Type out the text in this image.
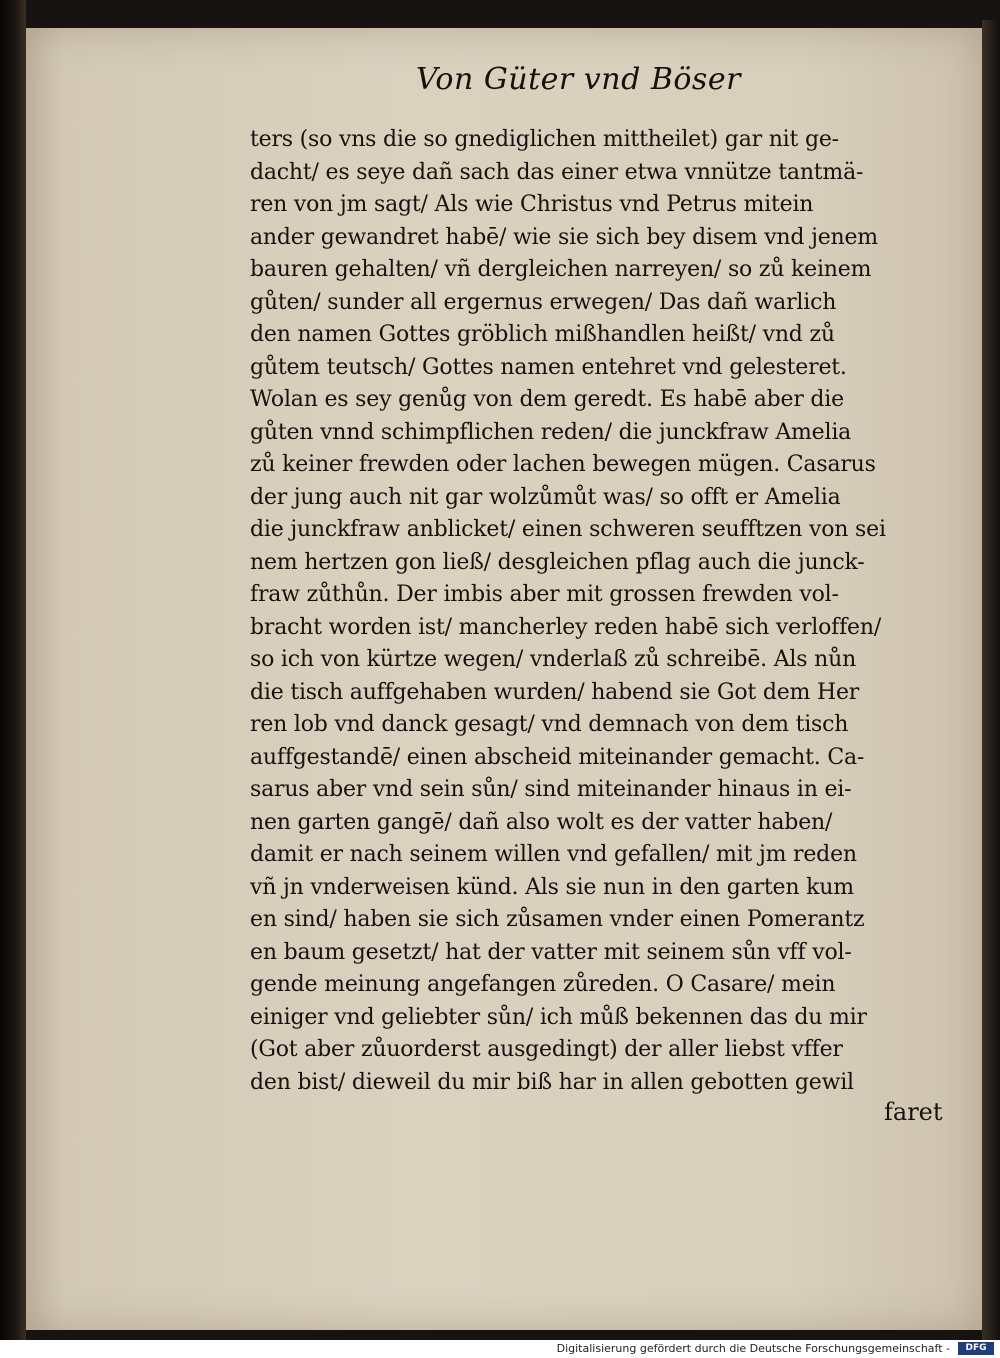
Von Güter vnd Böser
ters (so vns die so gnediglichen mittheilet) gar nit ge-
dacht/ es seye dañ sach das einer etwa vnnütze tantmä-
ren von jm sagt/ Als wie Christus vnd Petrus mitein
ander gewandret habē/ wie sie sich bey disem vnd jenem
bauren gehalten/ vñ dergleichen narreyen/ so zů keinem
gůten/ sunder all ergernus erwegen/ Das dañ warlich
den namen Gottes gröblich mißhandlen heißt/ vnd zů
gůtem teutsch/ Gottes namen entehret vnd gelesteret.
Wolan es sey genůg von dem geredt. Es habē aber die
gůten vnnd schimpflichen reden/ die junckfraw Amelia
zů keiner frewden oder lachen bewegen mügen. Casarus
der jung auch nit gar wolzůmůt was/ so offt er Amelia
die junckfraw anblicket/ einen schweren seufftzen von sei
nem hertzen gon ließ/ desgleichen pflag auch die junck-
fraw zůthůn. Der imbis aber mit grossen frewden vol-
bracht worden ist/ mancherley reden habē sich verloffen/
so ich von kürtze wegen/ vnderlaß zů schreibē. Als nůn
die tisch auffgehaben wurden/ habend sie Got dem Her
ren lob vnd danck gesagt/ vnd demnach von dem tisch
auffgestandē/ einen abscheid miteinander gemacht. Ca-
sarus aber vnd sein sůn/ sind miteinander hinaus in ei-
nen garten gangē/ dañ also wolt es der vatter haben/
damit er nach seinem willen vnd gefallen/ mit jm reden
vñ jn vnderweisen künd. Als sie nun in den garten kum
en sind/ haben sie sich zůsamen vnder einen Pomerantz
en baum gesetzt/ hat der vatter mit seinem sůn vff vol-
gende meinung angefangen zůreden. O Casare/ mein
einiger vnd geliebter sůn/ ich můß bekennen das du mir
(Got aber zůuorderst ausgedingt) der aller liebst vffer
den bist/ dieweil du mir biß har in allen gebotten gewil
faret
Digitalisierung gefördert durch die Deutsche Forschungsgemeinschaft -	DFG
